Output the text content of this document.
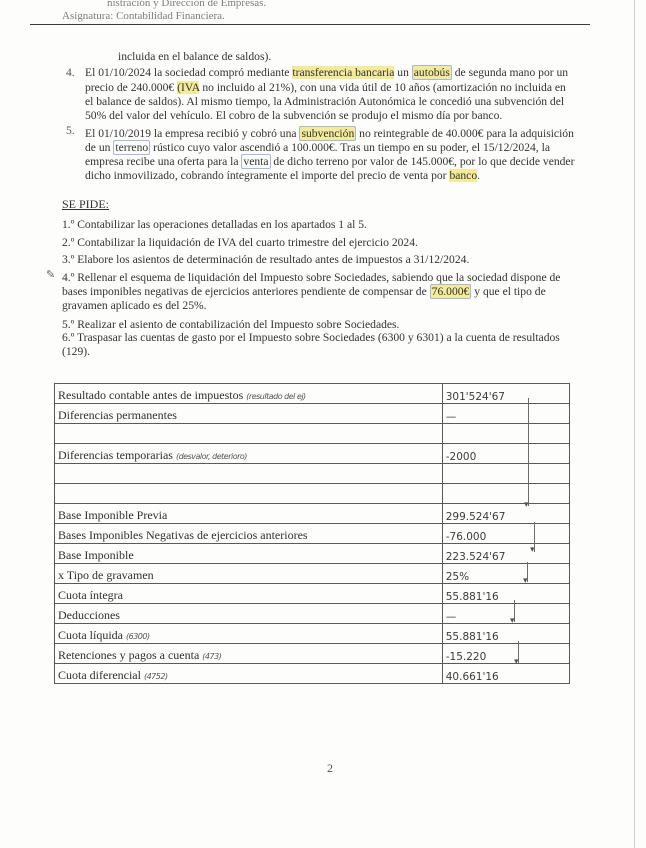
nistración y Dirección de Empresas.
Asignatura: Contabilidad Financiera.
incluida en el balance de saldos).
4. El 01/10/2024 la sociedad compró mediante transferencia bancaria un autobús de segunda mano por un
precio de 240.000€ (IVA no incluido al 21%), con una vida útil de 10 años (amortización no incluida en
el balance de saldos). Al mismo tiempo, la Administración Autonómica le concedió una subvención del
50% del valor del vehículo. El cobro de la subvención se produjo el mismo día por banco.
5. El 01/10/2019 la empresa recibió y cobró una subvención no reintegrable de 40.000€ para la adquisición
de un terreno rústico cuyo valor ascendió a 100.000€. Tras un tiempo en su poder, el 15/12/2024, la
empresa recibe una oferta para la venta de dicho terreno por valor de 145.000€, por lo que decide vender
dicho inmovilizado, cobrando íntegramente el importe del precio de venta por banco.
SE PIDE:
1.º Contabilizar las operaciones detalladas en los apartados 1 al 5.
2.º Contabilizar la liquidación de IVA del cuarto trimestre del ejercicio 2024.
3.º Elabore los asientos de determinación de resultado antes de impuestos a 31/12/2024.
✎ 4.º Rellenar el esquema de liquidación del Impuesto sobre Sociedades, sabiendo que la sociedad dispone de
bases imponibles negativas de ejercicios anteriores pendiente de compensar de 76.000€ y que el tipo de
gravamen aplicado es del 25%.
5.º Realizar el asiento de contabilización del Impuesto sobre Sociedades.
6.º Traspasar las cuentas de gasto por el Impuesto sobre Sociedades (6300 y 6301) a la cuenta de resultados
(129).
Resultado contable antes de impuestos (resultado del ej)	301'524'67
Diferencias permanentes	—

Diferencias temporarias (desvalor, deterioro)	-2000

Base Imponible Previa	299.524'67
Bases Imponibles Negativas de ejercicios anteriores	-76.000
Base Imponible	223.524'67
x Tipo de gravamen	25%
Cuota íntegra	55.881'16
Deducciones	—
Cuota líquida (6300)	55.881'16
Retenciones y pagos a cuenta (473)	-15.220
Cuota diferencial (4752)	40.661'16
▾
▾
▾
▾
▾
2
